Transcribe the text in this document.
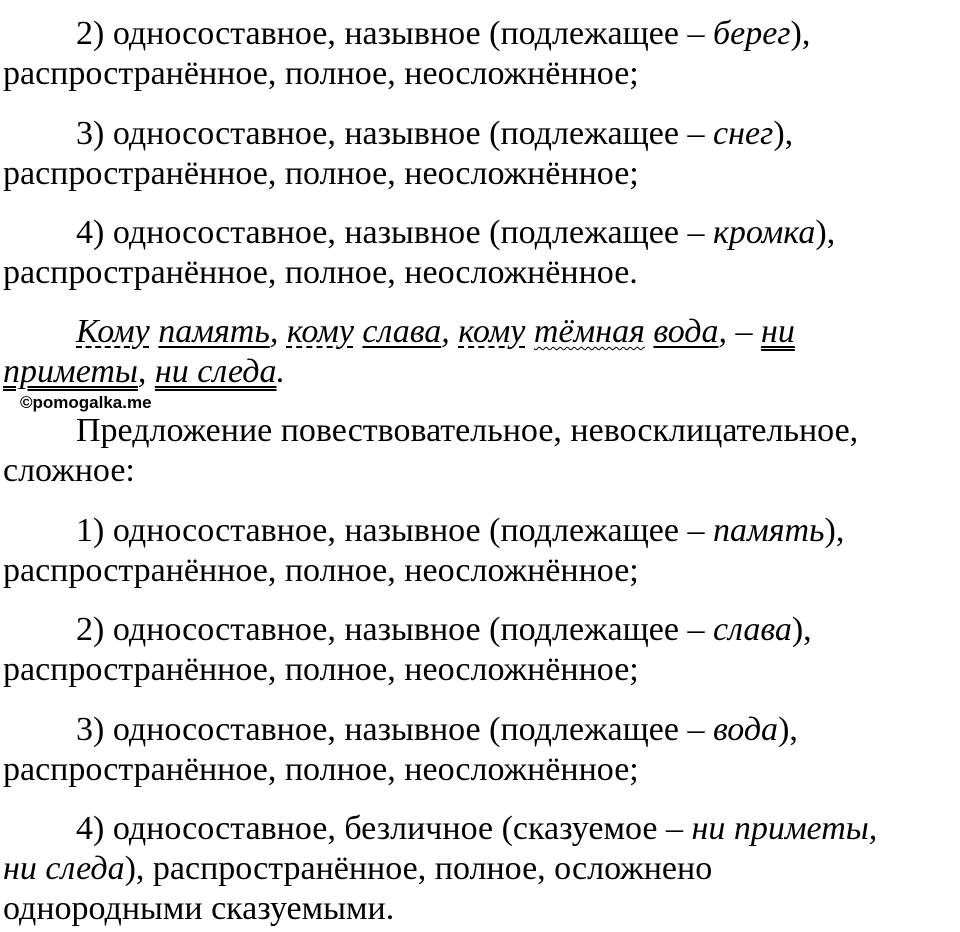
2) односоставное, назывное (подлежащее – берег),
распространённое, полное, неосложнённое;
3) односоставное, назывное (подлежащее – снег),
распространённое, полное, неосложнённое;
4) односоставное, назывное (подлежащее – кромка),
распространённое, полное, неосложнённое.
Кому память, кому слава, кому тёмная вода, – ни
приметы, ни следа.
©pomogalka.me
Предложение повествовательное, невосклицательное,
сложное:
1) односоставное, назывное (подлежащее – память),
распространённое, полное, неосложнённое;
2) односоставное, назывное (подлежащее – слава),
распространённое, полное, неосложнённое;
3) односоставное, назывное (подлежащее – вода),
распространённое, полное, неосложнённое;
4) односоставное, безличное (сказуемое – ни приметы,
ни следа), распространённое, полное, осложнено
однородными сказуемыми.
